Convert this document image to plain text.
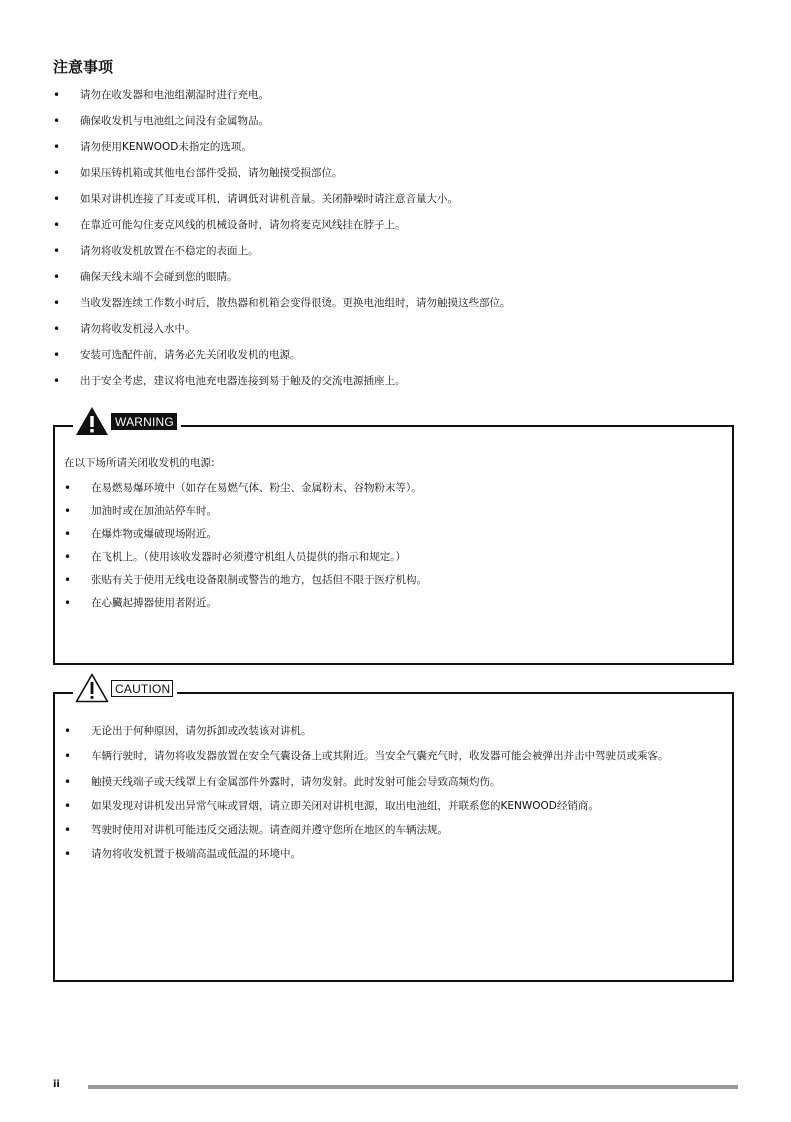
注意事项
• 请勿在收发器和电池组潮湿时进行充电。
• 确保收发机与电池组之间没有金属物品。
• 请勿使用KENWOOD未指定的选项。
• 如果压铸机箱或其他电台部件受损，请勿触摸受损部位。
• 如果对讲机连接了耳麦或耳机，请调低对讲机音量。关闭静噪时请注意音量大小。
• 在靠近可能勾住麦克风线的机械设备时，请勿将麦克风线挂在脖子上。
• 请勿将收发机放置在不稳定的表面上。
• 确保天线末端不会碰到您的眼睛。
• 当收发器连续工作数小时后，散热器和机箱会变得很烫。更换电池组时，请勿触摸这些部位。
• 请勿将收发机浸入水中。
• 安装可选配件前，请务必先关闭收发机的电源。
• 出于安全考虑，建议将电池充电器连接到易于触及的交流电源插座上。
WARNING

在以下场所请关闭收发机的电源:

• 在易燃易爆环境中（如存在易燃气体、粉尘、金属粉末、谷物粉末等）。
• 加油时或在加油站停车时。
• 在爆炸物或爆破现场附近。
• 在飞机上。（使用该收发器时必须遵守机组人员提供的指示和规定。）
• 张贴有关于使用无线电设备限制或警告的地方，包括但不限于医疗机构。
• 在心臟起搏器使用者附近。
CAUTION
• 无论出于何种原因，请勿拆卸或改装该对讲机。
• 车辆行驶时，请勿将收发器放置在安全气囊设备上或其附近。当安全气囊充气时，收发器可能会被弹出并击中驾驶员或乘客。
• 触摸天线端子或天线罩上有金属部件外露时，请勿发射。此时发射可能会导致高频灼伤。
• 如果发现对讲机发出异常气味或冒烟，请立即关闭对讲机电源，取出电池组，并联系您的KENWOOD经销商。
• 驾驶时使用对讲机可能违反交通法规。请查阅并遵守您所在地区的车辆法规。
• 请勿将收发机置于极端高温或低温的环境中。
ii
